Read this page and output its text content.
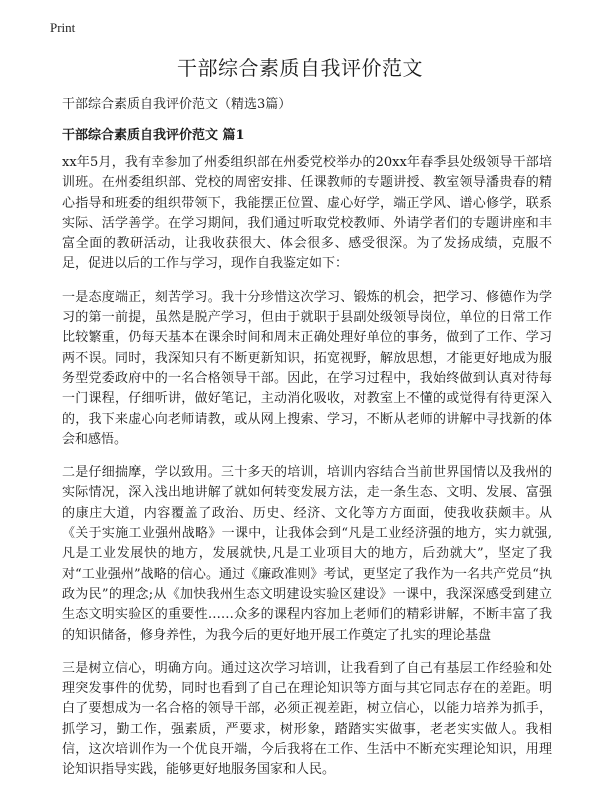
Print
干部综合素质自我评价范文

干部综合素质自我评价范文（精选3篇）

干部综合素质自我评价范文 篇1

xx年5月，我有幸参加了州委组织部在州委党校举办的20xx年春季县处级领导干部培训班。在州委组织部、党校的周密安排、任课教师的专题讲授、教室领导潘贵春的精心指导和班委的组织带领下，我能摆正位置、虚心好学，端正学风、谱心修学，联系实际、活学善学。在学习期间，我们通过听取党校教师、外请学者们的专题讲座和丰富全面的教研活动，让我收获很大、体会很多、感受很深。为了发扬成绩，克服不足，促进以后的工作与学习，现作自我鉴定如下：

一是态度端正，刻苦学习。我十分珍惜这次学习、锻炼的机会，把学习、修德作为学习的第一前提，虽然是脱产学习，但由于就职于县副处级领导岗位，单位的日常工作比较繁重，仍每天基本在课余时间和周末正确处理好单位的事务，做到了工作、学习两不误。同时，我深知只有不断更新知识，拓宽视野，解放思想，才能更好地成为服务型党委政府中的一名合格领导干部。因此，在学习过程中，我始终做到认真对待每一门课程，仔细听讲，做好笔记，主动消化吸收，对教室上不懂的或觉得有待更深入的，我下来虚心向老师请教，或从网上搜索、学习，不断从老师的讲解中寻找新的体会和感悟。

二是仔细揣摩，学以致用。三十多天的培训，培训内容结合当前世界国情以及我州的实际情况，深入浅出地讲解了就如何转变发展方法，走一条生态、文明、发展、富强的康庄大道，内容覆盖了政治、历史、经济、文化等方方面面，使我收获颇丰。从《关于实施工业强州战略》一课中，让我体会到“凡是工业经济强的地方，实力就强,凡是工业发展快的地方，发展就快,凡是工业项目大的地方，后劲就大”，坚定了我对“工业强州”战略的信心。通过《廉政准则》考试，更坚定了我作为一名共产党员“执政为民”的理念;从《加快我州生态文明建设实验区建设》一课中，我深深感受到建立生态文明实验区的重要性……众多的课程内容加上老师们的精彩讲解，不断丰富了我的知识储备，修身养性，为我今后的更好地开展工作奠定了扎实的理论基盘

三是树立信心，明确方向。通过这次学习培训，让我看到了自己有基层工作经验和处理突发事件的优势，同时也看到了自己在理论知识等方面与其它同志存在的差距。明白了要想成为一名合格的领导干部，必须正视差距，树立信心，以能力培养为抓手，抓学习，勤工作，强素质，严要求，树形象，踏踏实实做事，老老实实做人。我相信，这次培训作为一个优良开端，今后我将在工作、生活中不断充实理论知识，用理论知识指导实践，能够更好地服务国家和人民。
